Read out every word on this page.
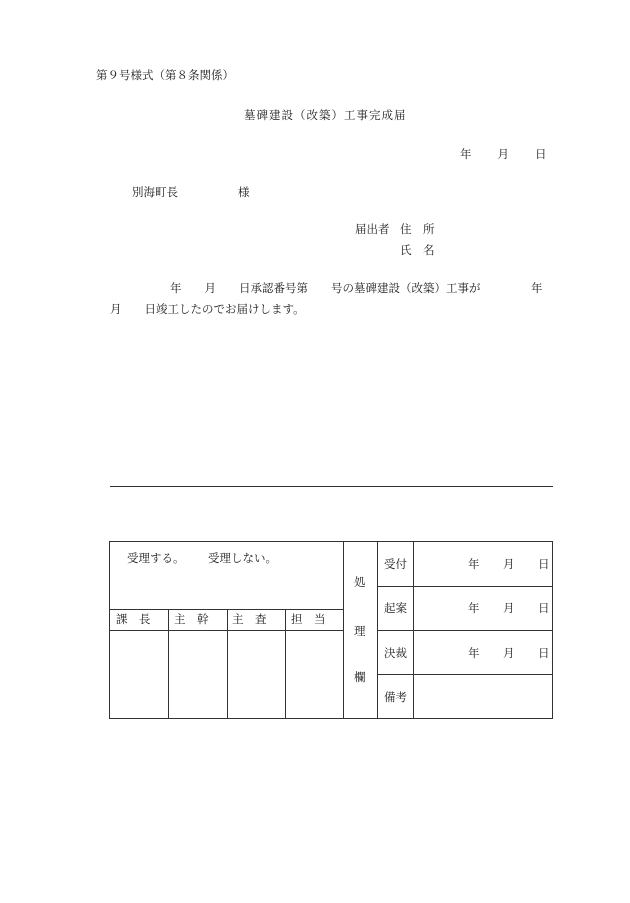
第９号様式（第８条関係）
墓碑建設（改築）工事完成届
年 月 日
別海町長	様
届出者 住　所
氏　名
年　　月　　日承認番号第　　号の墓碑建設（改築）工事が	年
月　　日竣工したのでお届けします。
受理する。 受理しない。
課　長 主　幹 主　査 担　当
処
理
欄
受付	年 月 日
起案	年 月 日
決裁	年 月 日
備考
